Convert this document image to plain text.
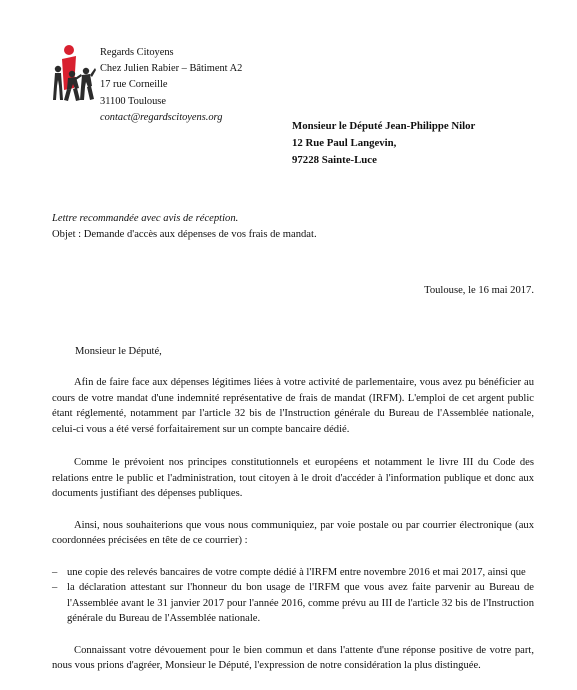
Regards Citoyens
Chez Julien Rabier – Bâtiment A2
17 rue Corneille
31100 Toulouse
contact@regardscitoyens.org
Monsieur le Député Jean-Philippe Nilor
12 Rue Paul Langevin,
97228 Sainte-Luce
Lettre recommandée avec avis de réception.
Objet : Demande d'accès aux dépenses de vos frais de mandat.
Toulouse, le 16 mai 2017.
Monsieur le Député,

Afin de faire face aux dépenses légitimes liées à votre activité de parlementaire, vous avez pu bénéficier au cours de votre mandat d'une indemnité représentative de frais de mandat (IRFM). L'emploi de cet argent public étant réglementé, notamment par l'article 32 bis de l'Instruction générale du Bureau de l'Assemblée nationale, celui-ci vous a été versé forfaitairement sur un compte bancaire dédié.

Comme le prévoient nos principes constitutionnels et européens et notamment le livre III du Code des relations entre le public et l'administration, tout citoyen à le droit d'accéder à l'information publique et donc aux documents justifiant des dépenses publiques.

Ainsi, nous souhaiterions que vous nous communiquiez, par voie postale ou par courrier électronique (aux coordonnées précisées en tête de ce courrier) :

– une copie des relevés bancaires de votre compte dédié à l'IRFM entre novembre 2016 et mai 2017, ainsi que
– la déclaration attestant sur l'honneur du bon usage de l'IRFM que vous avez faite parvenir au Bureau de l'Assemblée avant le 31 janvier 2017 pour l'année 2016, comme prévu au III de l'article 32 bis de l'Instruction générale du Bureau de l'Assemblée nationale.

Connaissant votre dévouement pour le bien commun et dans l'attente d'une réponse positive de votre part, nous vous prions d'agréer, Monsieur le Député, l'expression de notre considération la plus distinguée.
